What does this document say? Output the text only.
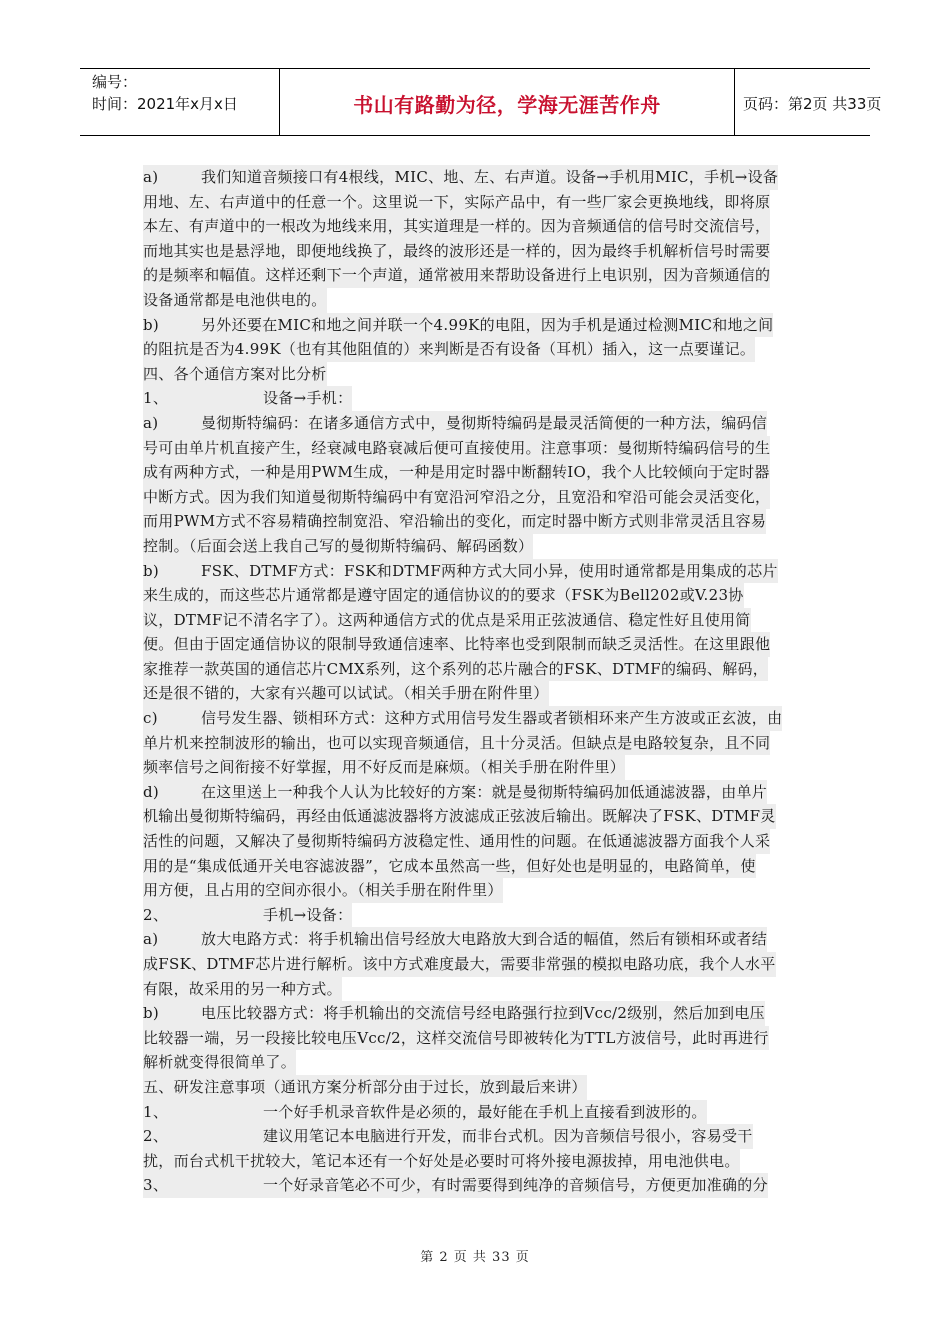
编号：
时间：2021年x月x日	书山有路勤为径，学海无涯苦作舟	页码：第2页 共33页
a)	我们知道音频接口有4根线，MIC、地、左、右声道。设备→手机用MIC，手机→设备
用地、左、右声道中的任意一个。这里说一下，实际产品中，有一些厂家会更换地线，即将原
本左、有声道中的一根改为地线来用，其实道理是一样的。因为音频通信的信号时交流信号，
而地其实也是悬浮地，即便地线换了，最终的波形还是一样的，因为最终手机解析信号时需要
的是频率和幅值。这样还剩下一个声道，通常被用来帮助设备进行上电识别，因为音频通信的
设备通常都是电池供电的。
b)	另外还要在MIC和地之间并联一个4.99K的电阻，因为手机是通过检测MIC和地之间
的阻抗是否为4.99K（也有其他阻值的）来判断是否有设备（耳机）插入，这一点要谨记。
四、各个通信方案对比分析
1、	设备→手机：
a)	曼彻斯特编码：在诸多通信方式中，曼彻斯特编码是最灵活简便的一种方法，编码信
号可由单片机直接产生，经衰减电路衰减后便可直接使用。注意事项：曼彻斯特编码信号的生
成有两种方式，一种是用PWM生成，一种是用定时器中断翻转IO，我个人比较倾向于定时器
中断方式。因为我们知道曼彻斯特编码中有宽沿河窄沿之分，且宽沿和窄沿可能会灵活变化，
而用PWM方式不容易精确控制宽沿、窄沿输出的变化，而定时器中断方式则非常灵活且容易
控制。（后面会送上我自己写的曼彻斯特编码、解码函数）
b)	FSK、DTMF方式：FSK和DTMF两种方式大同小异，使用时通常都是用集成的芯片
来生成的，而这些芯片通常都是遵守固定的通信协议的的要求（FSK为Bell202或V.23协
议，DTMF记不清名字了）。这两种通信方式的优点是采用正弦波通信、稳定性好且使用简
便。但由于固定通信协议的限制导致通信速率、比特率也受到限制而缺乏灵活性。在这里跟他
家推荐一款英国的通信芯片CMX系列，这个系列的芯片融合的FSK、DTMF的编码、解码，
还是很不错的，大家有兴趣可以试试。（相关手册在附件里）
c)	信号发生器、锁相环方式：这种方式用信号发生器或者锁相环来产生方波或正玄波，由
单片机来控制波形的输出，也可以实现音频通信，且十分灵活。但缺点是电路较复杂，且不同
频率信号之间衔接不好掌握，用不好反而是麻烦。（相关手册在附件里）
d)	在这里送上一种我个人认为比较好的方案：就是曼彻斯特编码加低通滤波器，由单片
机输出曼彻斯特编码，再经由低通滤波器将方波滤成正弦波后输出。既解决了FSK、DTMF灵
活性的问题，又解决了曼彻斯特编码方波稳定性、通用性的问题。在低通滤波器方面我个人采
用的是“集成低通开关电容滤波器”，它成本虽然高一些，但好处也是明显的，电路简单，使
用方便，且占用的空间亦很小。（相关手册在附件里）
2、	手机→设备：
a)	放大电路方式：将手机输出信号经放大电路放大到合适的幅值，然后有锁相环或者结
成FSK、DTMF芯片进行解析。该中方式难度最大，需要非常强的模拟电路功底，我个人水平
有限，故采用的另一种方式。
b)	电压比较器方式：将手机输出的交流信号经电路强行拉到Vcc/2级别，然后加到电压
比较器一端，另一段接比较电压Vcc/2，这样交流信号即被转化为TTL方波信号，此时再进行
解析就变得很简单了。
五、研发注意事项（通讯方案分析部分由于过长，放到最后来讲）
1、	一个好手机录音软件是必须的，最好能在手机上直接看到波形的。
2、	建议用笔记本电脑进行开发，而非台式机。因为音频信号很小，容易受干
扰，而台式机干扰较大，笔记本还有一个好处是必要时可将外接电源拔掉，用电池供电。
3、	一个好录音笔必不可少，有时需要得到纯净的音频信号，方便更加准确的分
第 2 页 共 33 页
